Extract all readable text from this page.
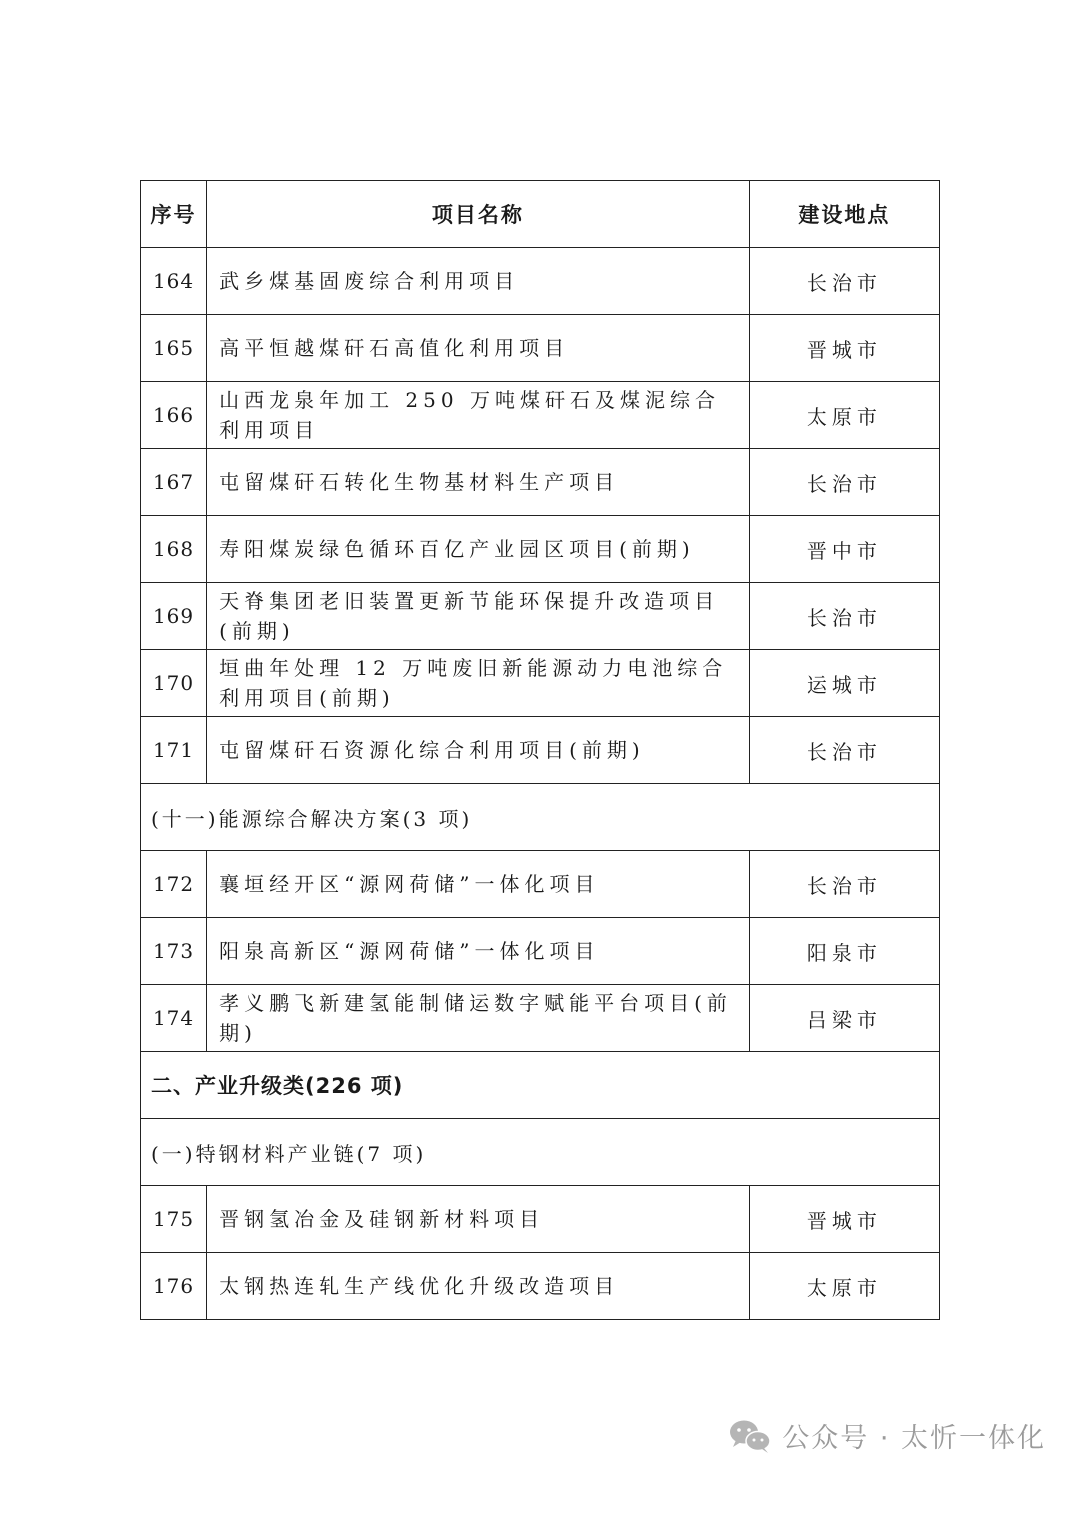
序号	项目名称	建设地点
164	武乡煤基固废综合利用项目	长治市
165	高平恒越煤矸石高值化利用项目	晋城市
166	山西龙泉年加工 250 万吨煤矸石及煤泥综合利用项目	太原市
167	屯留煤矸石转化生物基材料生产项目	长治市
168	寿阳煤炭绿色循环百亿产业园区项目(前期)	晋中市
169	天脊集团老旧装置更新节能环保提升改造项目(前期)	长治市
170	垣曲年处理 12 万吨废旧新能源动力电池综合利用项目(前期)	运城市
171	屯留煤矸石资源化综合利用项目(前期)	长治市
(十一)能源综合解决方案(3 项)		
172	襄垣经开区“源网荷储”一体化项目	长治市
173	阳泉高新区“源网荷储”一体化项目	阳泉市
174	孝义鹏飞新建氢能制储运数字赋能平台项目(前期)	吕梁市
二、产业升级类(226 项)		
(一)特钢材料产业链(7 项)		
175	晋钢氢冶金及硅钢新材料项目	晋城市
176	太钢热连轧生产线优化升级改造项目	太原市
公众号 · 太忻一体化
